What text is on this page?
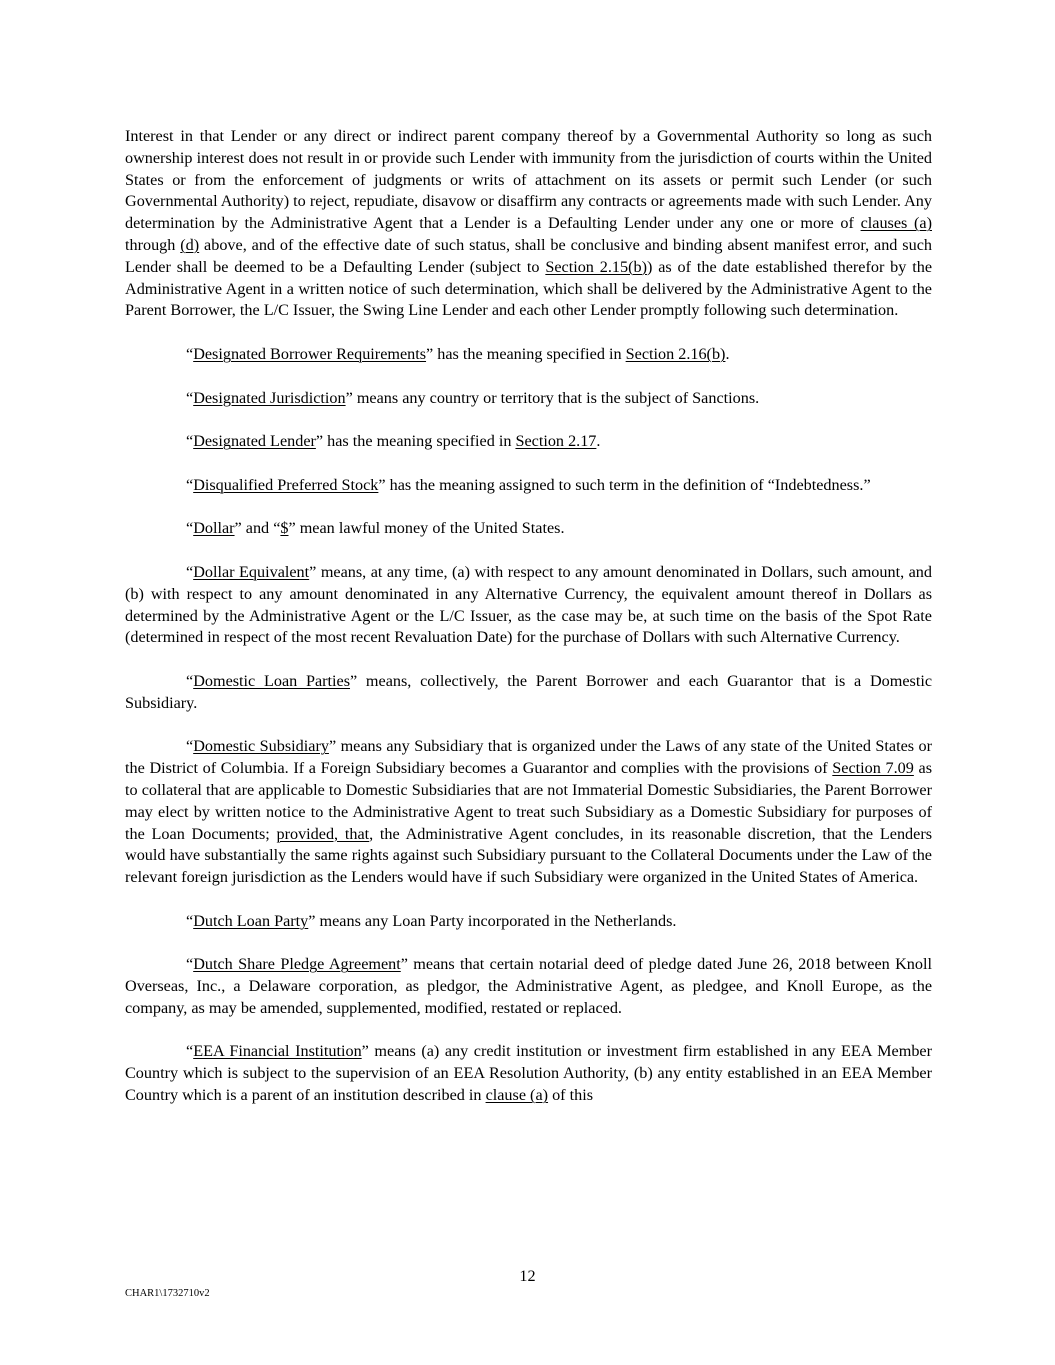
Interest in that Lender or any direct or indirect parent company thereof by a Governmental Authority so long as such ownership interest does not result in or provide such Lender with immunity from the jurisdiction of courts within the United States or from the enforcement of judgments or writs of attachment on its assets or permit such Lender (or such Governmental Authority) to reject, repudiate, disavow or disaffirm any contracts or agreements made with such Lender. Any determination by the Administrative Agent that a Lender is a Defaulting Lender under any one or more of clauses (a) through (d) above, and of the effective date of such status, shall be conclusive and binding absent manifest error, and such Lender shall be deemed to be a Defaulting Lender (subject to Section 2.15(b)) as of the date established therefor by the Administrative Agent in a written notice of such determination, which shall be delivered by the Administrative Agent to the Parent Borrower, the L/C Issuer, the Swing Line Lender and each other Lender promptly following such determination.

“Designated Borrower Requirements” has the meaning specified in Section 2.16(b).

“Designated Jurisdiction” means any country or territory that is the subject of Sanctions.

“Designated Lender” has the meaning specified in Section 2.17.

“Disqualified Preferred Stock” has the meaning assigned to such term in the definition of “Indebtedness.”

“Dollar” and “$” mean lawful money of the United States.

“Dollar Equivalent” means, at any time, (a) with respect to any amount denominated in Dollars, such amount, and (b) with respect to any amount denominated in any Alternative Currency, the equivalent amount thereof in Dollars as determined by the Administrative Agent or the L/C Issuer, as the case may be, at such time on the basis of the Spot Rate (determined in respect of the most recent Revaluation Date) for the purchase of Dollars with such Alternative Currency.

“Domestic Loan Parties” means, collectively, the Parent Borrower and each Guarantor that is a Domestic Subsidiary.

“Domestic Subsidiary” means any Subsidiary that is organized under the Laws of any state of the United States or the District of Columbia. If a Foreign Subsidiary becomes a Guarantor and complies with the provisions of Section 7.09 as to collateral that are applicable to Domestic Subsidiaries that are not Immaterial Domestic Subsidiaries, the Parent Borrower may elect by written notice to the Administrative Agent to treat such Subsidiary as a Domestic Subsidiary for purposes of the Loan Documents; provided, that, the Administrative Agent concludes, in its reasonable discretion, that the Lenders would have substantially the same rights against such Subsidiary pursuant to the Collateral Documents under the Law of the relevant foreign jurisdiction as the Lenders would have if such Subsidiary were organized in the United States of America.

“Dutch Loan Party” means any Loan Party incorporated in the Netherlands.

“Dutch Share Pledge Agreement” means that certain notarial deed of pledge dated June 26, 2018 between Knoll Overseas, Inc., a Delaware corporation, as pledgor, the Administrative Agent, as pledgee, and Knoll Europe, as the company, as may be amended, supplemented, modified, restated or replaced.

“EEA Financial Institution” means (a) any credit institution or investment firm established in any EEA Member Country which is subject to the supervision of an EEA Resolution Authority, (b) any entity established in an EEA Member Country which is a parent of an institution described in clause (a) of this

12
CHAR1\1732710v2
